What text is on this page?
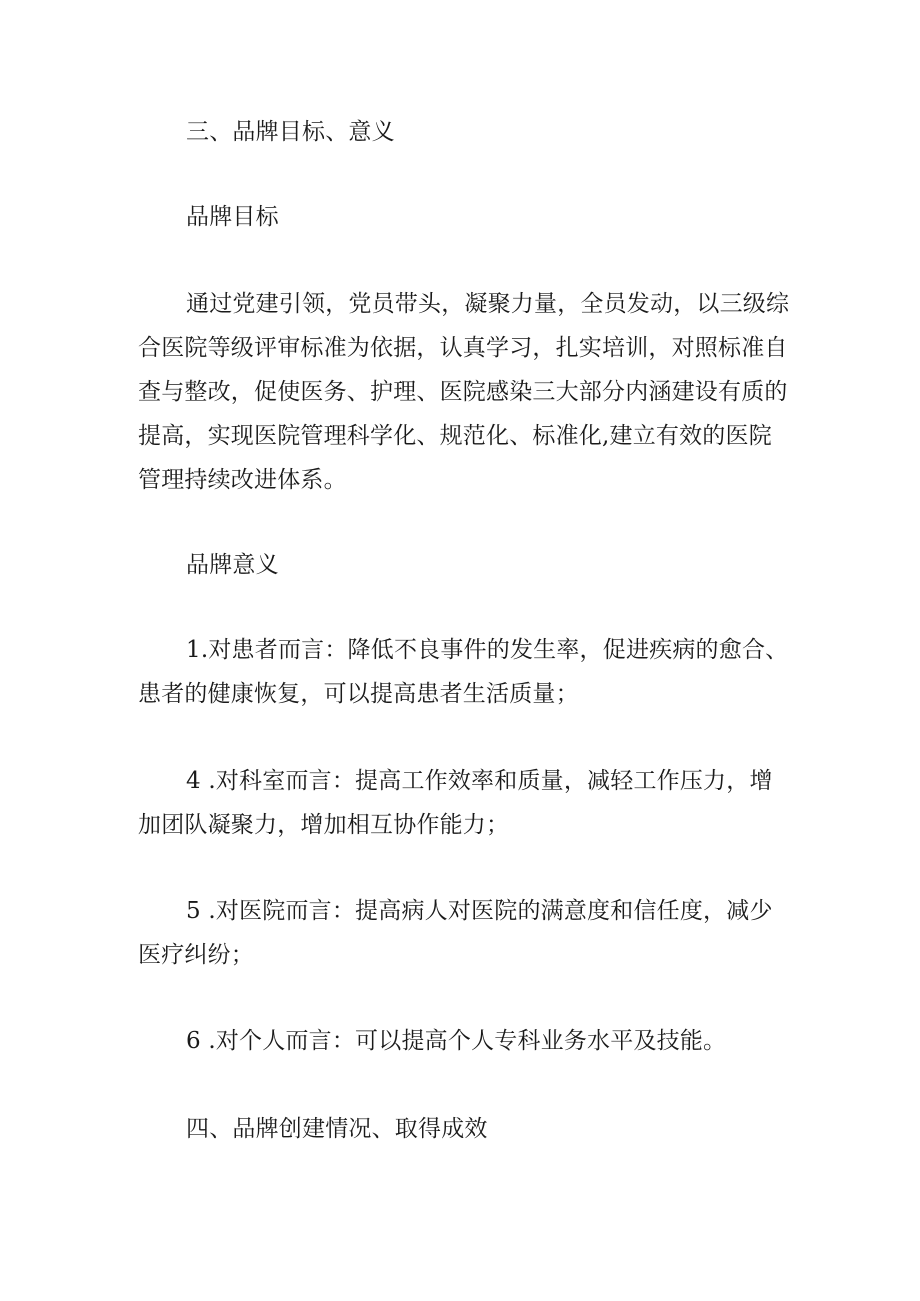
三、品牌目标、意义
品牌目标
通过党建引领，党员带头，凝聚力量，全员发动，以三级综
合医院等级评审标准为依据，认真学习，扎实培训，对照标准自
查与整改，促使医务、护理、医院感染三大部分内涵建设有质的
提高，实现医院管理科学化、规范化、标准化,建立有效的医院
管理持续改进体系。
品牌意义
1.对患者而言：降低不良事件的发生率，促进疾病的愈合、
患者的健康恢复，可以提高患者生活质量；
4 .对科室而言：提高工作效率和质量，减轻工作压力，增
加团队凝聚力，增加相互协作能力；
5 .对医院而言：提高病人对医院的满意度和信任度，减少
医疗纠纷；
6 .对个人而言：可以提高个人专科业务水平及技能。
四、品牌创建情况、取得成效
